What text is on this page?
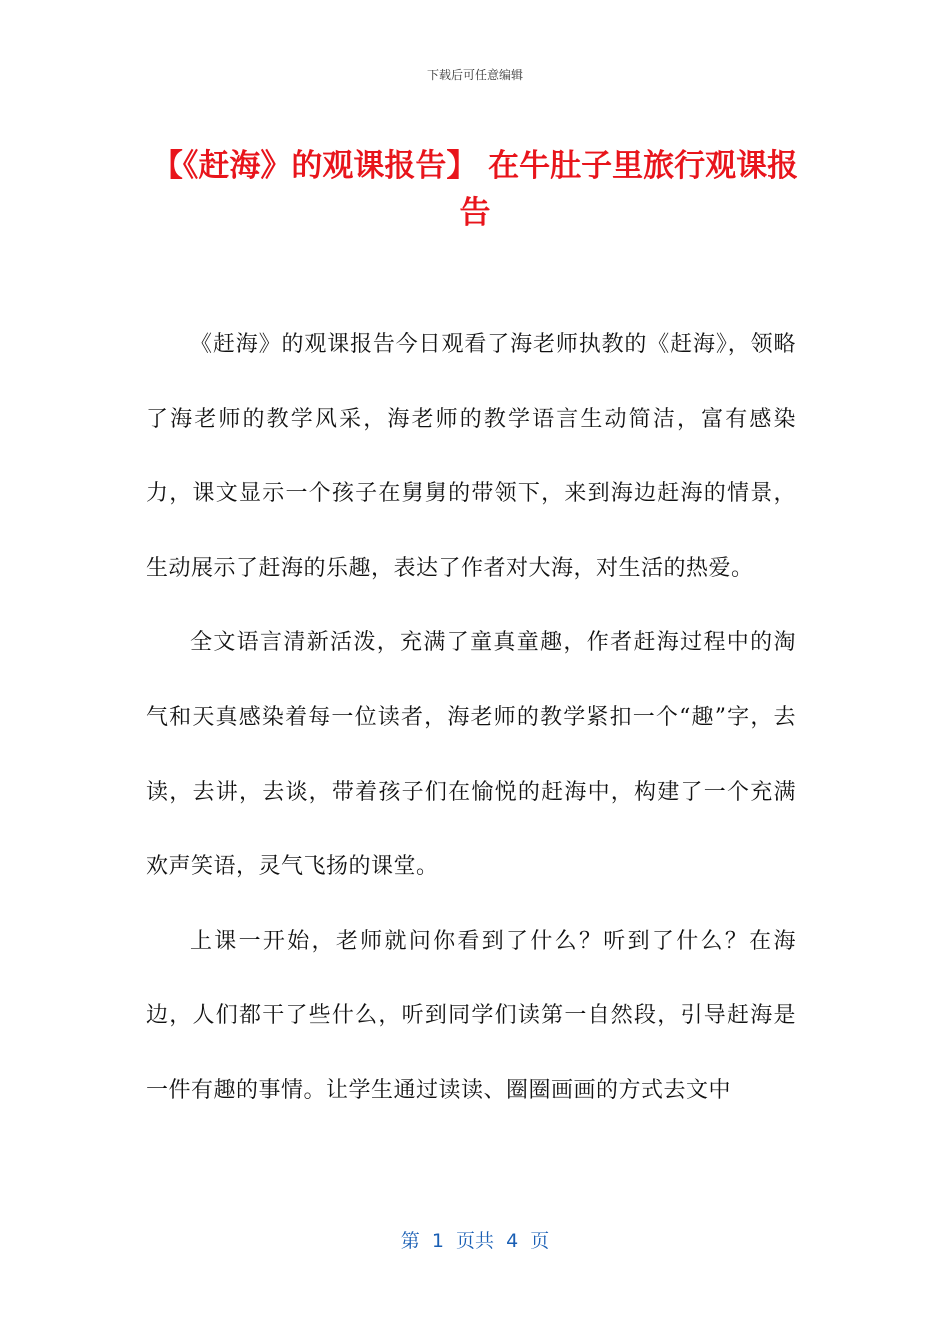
下载后可任意编辑
【《赶海》的观课报告】 在牛肚子里旅行观课报告

《赶海》的观课报告今日观看了海老师执教的《赶海》，领略了海老师的教学风采，海老师的教学语言生动简洁，富有感染力，课文显示一个孩子在舅舅的带领下，来到海边赶海的情景，生动展示了赶海的乐趣，表达了作者对大海，对生活的热爱。

全文语言清新活泼，充满了童真童趣，作者赶海过程中的淘气和天真感染着每一位读者，海老师的教学紧扣一个“趣”字，去读，去讲，去谈，带着孩子们在愉悦的赶海中，构建了一个充满欢声笑语，灵气飞扬的课堂。

上课一开始，老师就问你看到了什么？听到了什么？在海边，人们都干了些什么，听到同学们读第一自然段，引导赶海是一件有趣的事情。让学生通过读读、圈圈画画的方式去文中

第  1  页共  4  页
